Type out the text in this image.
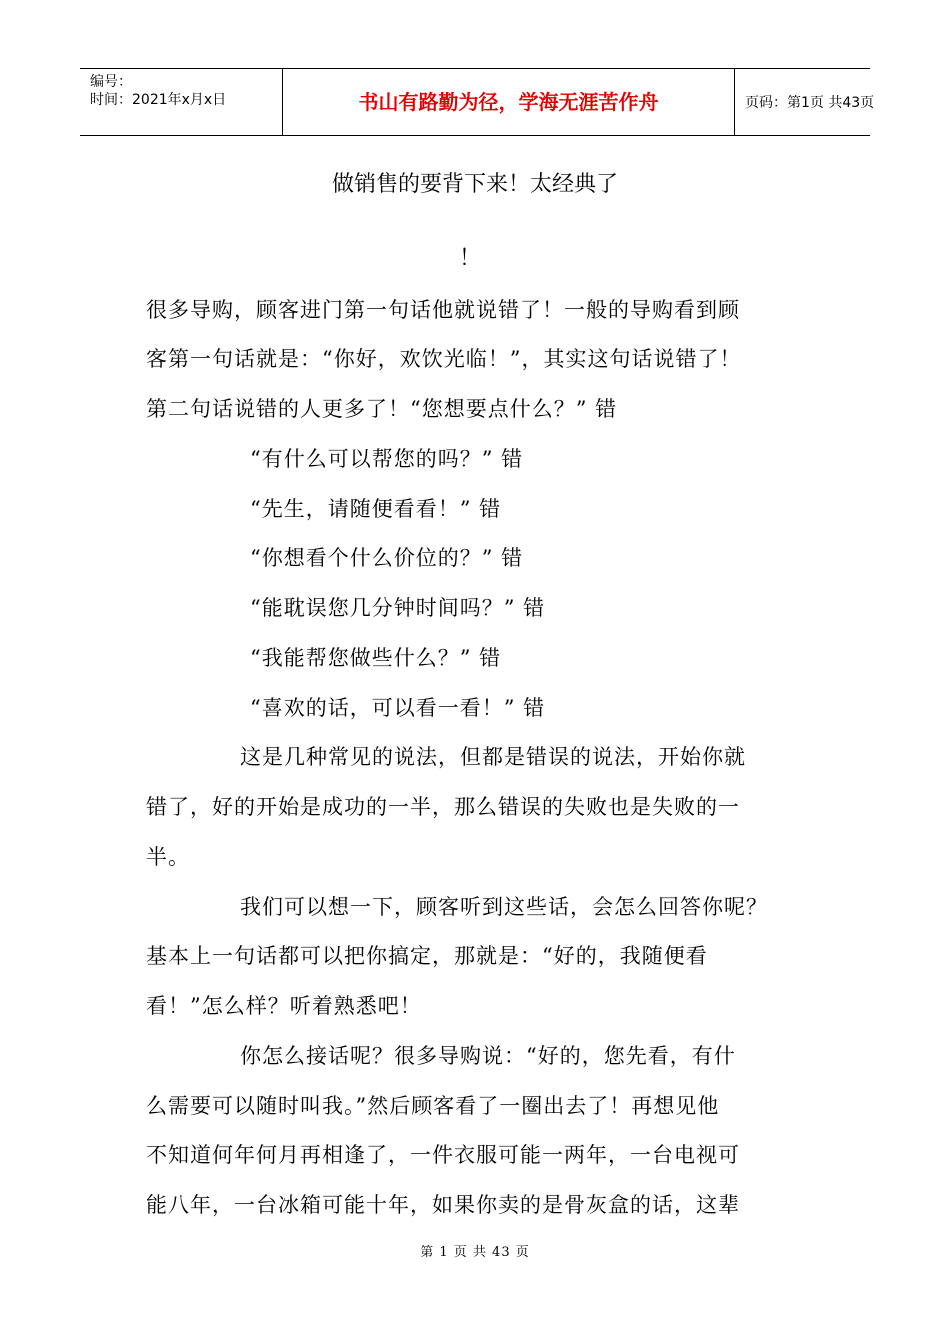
编号：
时间：2021年x月x日	书山有路勤为径，学海无涯苦作舟	页码：第1页 共43页
做销售的要背下来！太经典了
！
很多导购，顾客进门第一句话他就说错了！一般的导购看到顾
客第一句话就是：“你好，欢饮光临！”，其实这句话说错了！
第二句话说错的人更多了！“您想要点什么？” 错
“有什么可以帮您的吗？” 错
“先生，请随便看看！” 错
“你想看个什么价位的？” 错
“能耽误您几分钟时间吗？” 错
“我能帮您做些什么？” 错
“喜欢的话，可以看一看！” 错
这是几种常见的说法，但都是错误的说法，开始你就
错了，好的开始是成功的一半，那么错误的失败也是失败的一
半。
我们可以想一下，顾客听到这些话，会怎么回答你呢？
基本上一句话都可以把你搞定，那就是：“好的，我随便看
看！”怎么样？听着熟悉吧！
你怎么接话呢？很多导购说：“好的，您先看，有什
么需要可以随时叫我。”然后顾客看了一圈出去了！再想见他
不知道何年何月再相逢了，一件衣服可能一两年，一台电视可
能八年，一台冰箱可能十年，如果你卖的是骨灰盒的话，这辈
第 1 页 共 43 页
